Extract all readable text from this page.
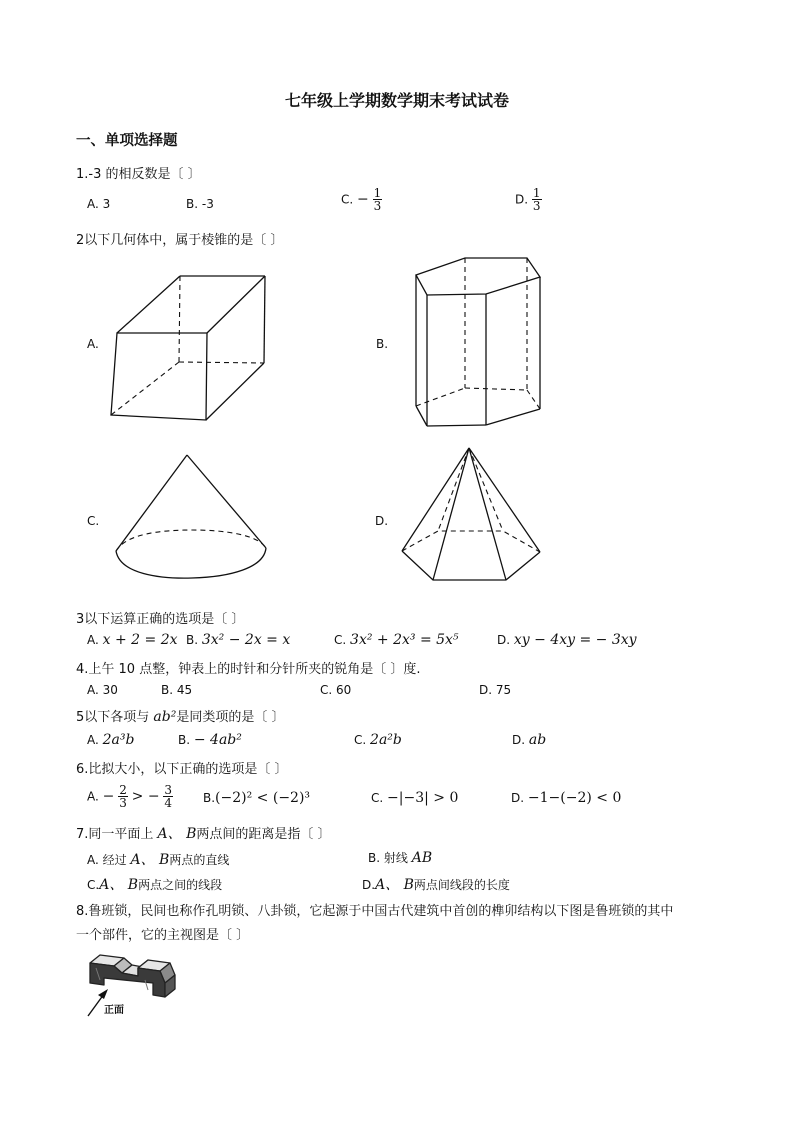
七年级上学期数学期末考试试卷
一、单项选择题
1.-3 的相反数是〔 〕
A. 3	B. -3	C. − $\frac{1}{3}$	D. $\frac{1}{3}$
2以下几何体中，属于棱锥的是〔 〕
A.	B.
C.	D.
3以下运算正确的选项是〔 〕
A. x + 2 = 2x B. 3x² − 2x = x	C. 3x² + 2x³ = 5x⁵	D. xy − 4xy = − 3xy
4.上午 10 点整，钟表上的时针和分针所夹的锐角是〔 〕度.
A. 30	B. 45	C. 60	D. 75
5以下各项与 ab²是同类项的是〔 〕
A. 2a³b	B. − 4ab²	C. 2a²b	D. ab
6.比拟大小，以下正确的选项是〔 〕
A. − $\frac{2}{3}$ > − $\frac{3}{4} B.(-2)^2 < (-2)^3$	C. −|−3| > 0	D. −1−(−2) < 0
7.同一平面上 A、 B两点间的距离是指〔 〕
A. 经过 A、 B两点的直线	B. 射线 AB
C.A、 B两点之间的线段	D.A、 B两点间线段的长度
8.鲁班锁，民间也称作孔明锁、八卦锁，它起源于中国古代建筑中首创的榫卯结构以下图是鲁班锁的其中
一个部件，它的主视图是〔 〕
正面
